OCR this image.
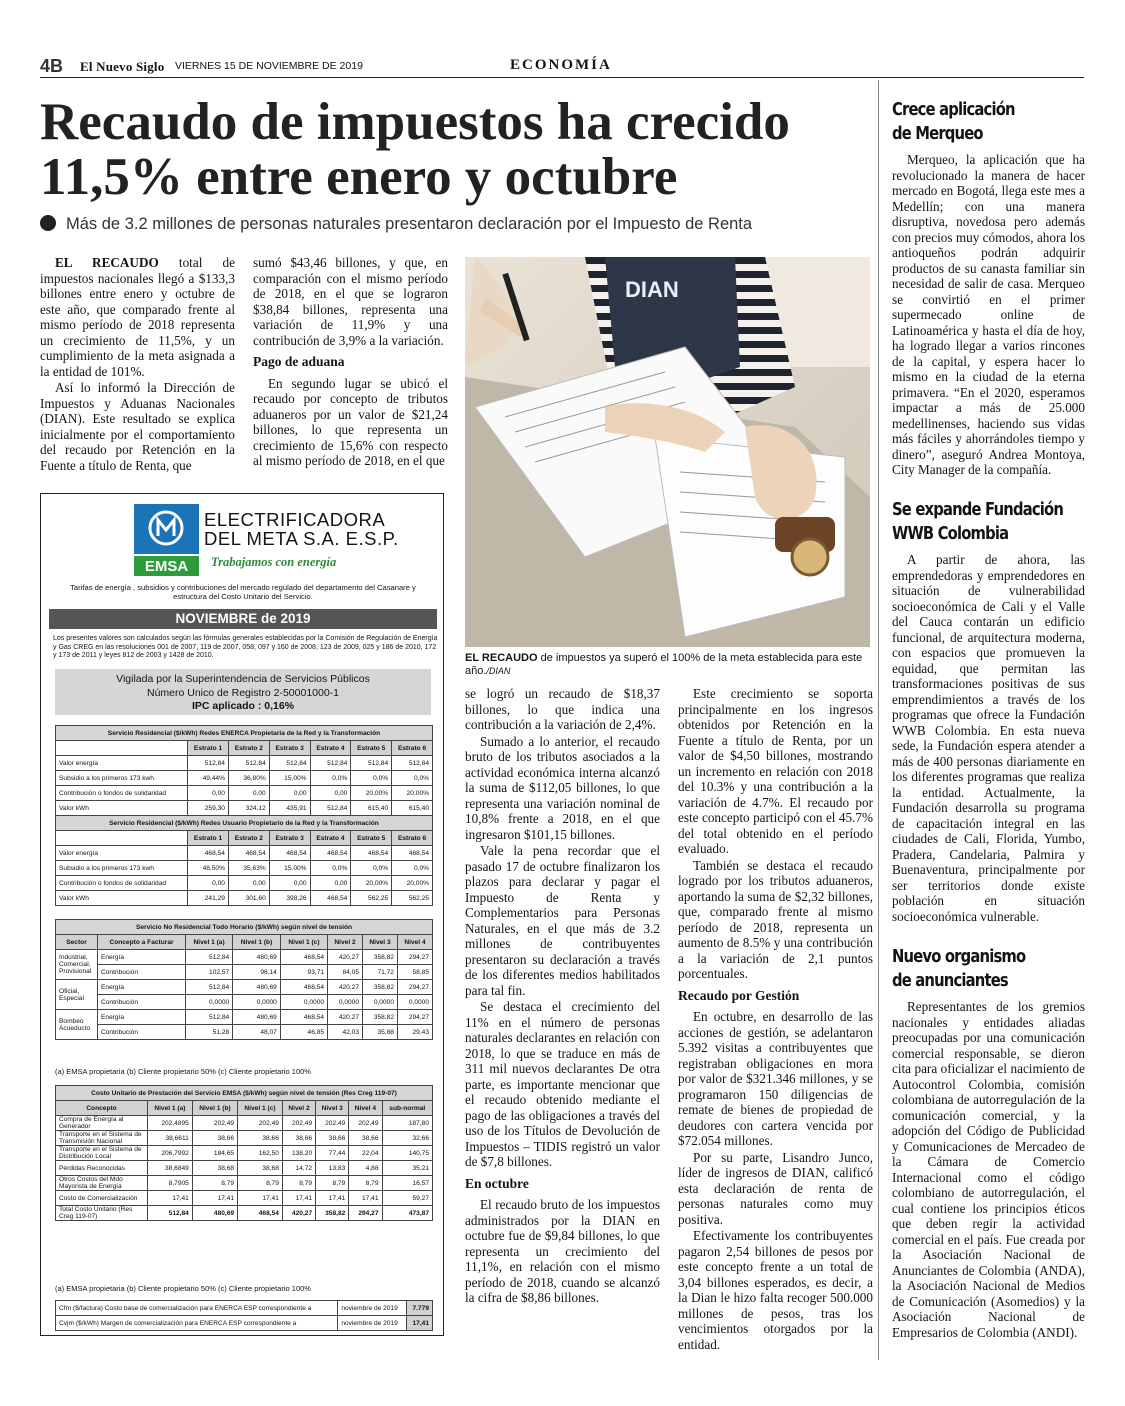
4B El Nuevo Siglo VIERNES 15 DE NOVIEMBRE DE 2019	ECONOMÍA
Recaudo de impuestos ha crecido 11,5% entre enero y octubre
Más de 3.2 millones de personas naturales presentaron declaración por el Impuesto de Renta

EL RECAUDO total de impuestos nacionales llegó a $133,3 billones entre enero y octubre de este año, que comparado frente al mismo período de 2018 representa un crecimiento de 11,5%, y un cumplimiento de la meta asignada a la entidad de 101%.

Así lo informó la Dirección de Impuestos y Aduanas Nacionales (DIAN). Este resultado se explica inicialmente por el comportamiento del recaudo por Retención en la Fuente a título de Renta, que

sumó $43,46 billones, y que, en comparación con el mismo período de 2018, en el que se lograron $38,84 billones, representa una variación de 11,9% y una contribución de 3,9% a la variación.

Pago de aduana

En segundo lugar se ubicó el recaudo por concepto de tributos aduaneros por un valor de $21,24 billones, lo que representa un crecimiento de 15,6% con respecto al mismo período de 2018, en el que

DIAN
EL RECAUDO de impuestos ya superó el 100% de la meta establecida para este año./DIAN

se logró un recaudo de $18,37 billones, lo que indica una contribución a la variación de 2,4%.

Sumado a lo anterior, el recaudo bruto de los tributos asociados a la actividad económica interna alcanzó la suma de $112,05 billones, lo que representa una variación nominal de 10,8% frente a 2018, en el que ingresaron $101,15 billones.

Vale la pena recordar que el pasado 17 de octubre finalizaron los plazos para declarar y pagar el Impuesto de Renta y Complementarios para Personas Naturales, en el que más de 3.2 millones de contribuyentes presentaron su declaración a través de los diferentes medios habilitados para tal fin.

Se destaca el crecimiento del 11% en el número de personas naturales declarantes en relación con 2018, lo que se traduce en más de 311 mil nuevos declarantes De otra parte, es importante mencionar que el recaudo obtenido mediante el pago de las obligaciones a través del uso de los Títulos de Devolución de Impuestos – TIDIS registró un valor de $7,8 billones.

En octubre

El recaudo bruto de los impuestos administrados por la DIAN en octubre fue de $9,84 billones, lo que representa un crecimiento del 11,1%, en relación con el mismo período de 2018, cuando se alcanzó la cifra de $8,86 billones.

Este crecimiento se soporta principalmente en los ingresos obtenidos por Retención en la Fuente a título de Renta, por un valor de $4,50 billones, mostrando un incremento en relación con 2018 del 10.3% y una contribución a la variación de 4.7%. El recaudo por este concepto participó con el 45.7% del total obtenido en el período evaluado.

También se destaca el recaudo logrado por los tributos aduaneros, aportando la suma de $2,32 billones, que, comparado frente al mismo período de 2018, representa un aumento de 8.5% y una contribución a la variación de 2,1 puntos porcentuales.

Recaudo por Gestión

En octubre, en desarrollo de las acciones de gestión, se adelantaron 5.392 visitas a contribuyentes que registraban obligaciones en mora por valor de $321.346 millones, y se programaron 150 diligencias de remate de bienes de propiedad de deudores con cartera vencida por $72.054 millones.

Por su parte, Lisandro Junco, líder de ingresos de DIAN, calificó esta declaración de renta de personas naturales como muy positiva.

Efectivamente los contribuyentes pagaron 2,54 billones de pesos por este concepto frente a un total de 3,04 billones esperados, es decir, a la Dian le hizo falta recoger 500.000 millones de pesos, tras los vencimientos otorgados por la entidad.

Crece aplicación
de Merqueo

Merqueo, la aplicación que ha revolucionado la manera de hacer mercado en Bogotá, llega este mes a Medellín; con una manera disruptiva, novedosa pero además con precios muy cómodos, ahora los antioqueños podrán adquirir productos de su canasta familiar sin necesidad de salir de casa. Merqueo se convirtió en el primer supermecado online de Latinoamérica y hasta el día de hoy, ha logrado llegar a varios rincones de la capital, y espera hacer lo mismo en la ciudad de la eterna primavera. “En el 2020, esperamos impactar a más de 25.000 medellinenses, haciendo sus vidas más fáciles y ahorrándoles tiempo y dinero”, aseguró Andrea Montoya, City Manager de la compañía.

Se expande Fundación
WWB Colombia

A partir de ahora, las emprendedoras y emprendedores en situación de vulnerabilidad socioeconómica de Cali y el Valle del Cauca contarán un edificio funcional, de arquitectura moderna, con espacios que promueven la equidad, que permitan las transformaciones positivas de sus emprendimientos a través de los programas que ofrece la Fundación WWB Colombia. En esta nueva sede, la Fundación espera atender a más de 400 personas diariamente en los diferentes programas que realiza la entidad. Actualmente, la Fundación desarrolla su programa de capacitación integral en las ciudades de Cali, Florida, Yumbo, Pradera, Candelaria, Palmira y Buenaventura, principalmente por ser territorios donde existe población en situación socioeconómica vulnerable.

Nuevo organismo
de anunciantes

Representantes de los gremios nacionales y entidades aliadas preocupadas por una comunicación comercial responsable, se dieron cita para oficializar el nacimiento de Autocontrol Colombia, comisión colombiana de autorregulación de la comunicación comercial, y la adopción del Código de Publicidad y Comunicaciones de Mercadeo de la Cámara de Comercio Internacional como el código colombiano de autorregulación, el cual contiene los principios éticos que deben regir la actividad comercial en el país. Fue creada por la Asociación Nacional de Anunciantes de Colombia (ANDA), la Asociación Nacional de Medios de Comunicación (Asomedios) y la Asociación Nacional de Empresarios de Colombia (ANDI).

EMSA
ELECTRIFICADORA
DEL META S.A. E.S.P.
Trabajamos con energía
Tarifas de energía , subsidios y contribuciones del mercado regulado del departamento del Casanare y estructura del Costo Unitario del Servicio.
NOVIEMBRE de 2019
Los presentes valores son calculados según las fórmulas generales establecidas por la Comisión de Regulación de Energía y Gas CREG en las resoluciones 001 de 2007, 119 de 2007, 058, 097 y 160 de 2008, 123 de 2009, 025 y 186 de 2010, 172 y 173 de 2011 y leyes 812 de 2003 y 1428 de 2010.
Vigilada por la Superintendencia de Servicios Públicos
Número Unico de Registro 2-50001000-1
IPC aplicado : 0,16%
Servicio Residencial ($/kWh) Redes ENERCA Propietaria de la Red y la Transformación						
	Estrato 1	Estrato 2	Estrato 3	Estrato 4	Estrato 5	Estrato 6
Valor energía	512,84	512,84	512,84	512,84	512,84	512,84
Subsidio a los primeros 173 kwh	49,44%	36,80%	15,00%	0,0%	0,0%	0,0%
Contribución o fondos de solidaridad	0,00	0,00	0,00	0,00	20,00%	20,00%
Valor kWh	259,30	324,12	435,91	512,84	615,40	615,40
Servicio Residencial ($/kWh) Redes Usuario Propietario de la Red y la Transformación						
	Estrato 1	Estrato 2	Estrato 3	Estrato 4	Estrato 5	Estrato 6
Valor energía	468,54	468,54	468,54	468,54	468,54	468,54
Subsidio a los primeros 173 kwh	48,50%	35,63%	15,00%	0,0%	0,0%	0,0%
Contribución o fondos de solidaridad	0,00	0,00	0,00	0,00	20,00%	20,00%
Valor kWh	241,29	301,60	398,26	468,54	562,25	562,25
Servicio No Residencial Todo Horario ($/kWh) según nivel de tensión							
Sector	Concepto a Facturar	Nivel 1 (a)	Nivel 1 (b)	Nivel 1 (c)	Nivel 2	Nivel 3	Nivel 4
Industrial, Comercial, Provisional	Energía	512,84	480,69	468,54	420,27	358,82	294,27
	Contribución	102,57	96,14	93,71	84,05	71,72	58,85
Oficial, Especial	Energía	512,84	480,69	468,54	420,27	358,82	294,27
	Contribución	0,0000	0,0000	0,0000	0,0000	0,0000	0,0000
Bombeo Acueducto	Energía	512,84	480,69	468,54	420,27	358,82	294,27
	Contribución	51,28	48,07	46,85	42,03	35,88	29,43
(a) EMSA propietaria (b) Cliente propietario 50% (c) Cliente propietario 100%
Costo Unitario de Prestación del Servicio EMSA ($/kWh) según nivel de tensión (Res Creg 119-07)							
Concepto	Nivel 1 (a)	Nivel 1 (b)	Nivel 1 (c)	Nivel 2	Nivel 3	Nivel 4	sub-normal
Compra de Energía al Generador	202,4895	202,49	202,49	202,49	202,49	202,49	187,80
Transporte en el Sistema de Transmisión Nacional	38,6611	38,66	38,66	38,66	38,66	38,66	32,66
Transporte en el Sistema de Distribución Local	206,7992	184,65	162,50	138,20	77,44	22,04	140,75
Pérdidas Reconocidas	38,6849	38,68	38,68	14,72	13,83	4,88	35,21
Otros Costos del Mdo Mayorista de Energía	8,7905	8,79	8,79	8,79	8,79	8,79	16,57
Costo de Comercialización	17,41	17,41	17,41	17,41	17,41	17,41	59,27
Total Costo Unitario (Res Creg 119-07)	512,84	480,69	468,54	420,27	358,82	294,27	473,87
(a) EMSA propietaria (b) Cliente propietario 50% (c) Cliente propietario 100%
Cfm ($/factura) Costo base de comercialización para ENERCA ESP correspondiente a	noviembre de 2019	7.779
Cvjm ($/kWh) Margen de comercialización para ENERCA ESP correspondiente a	noviembre de 2019	17,41
